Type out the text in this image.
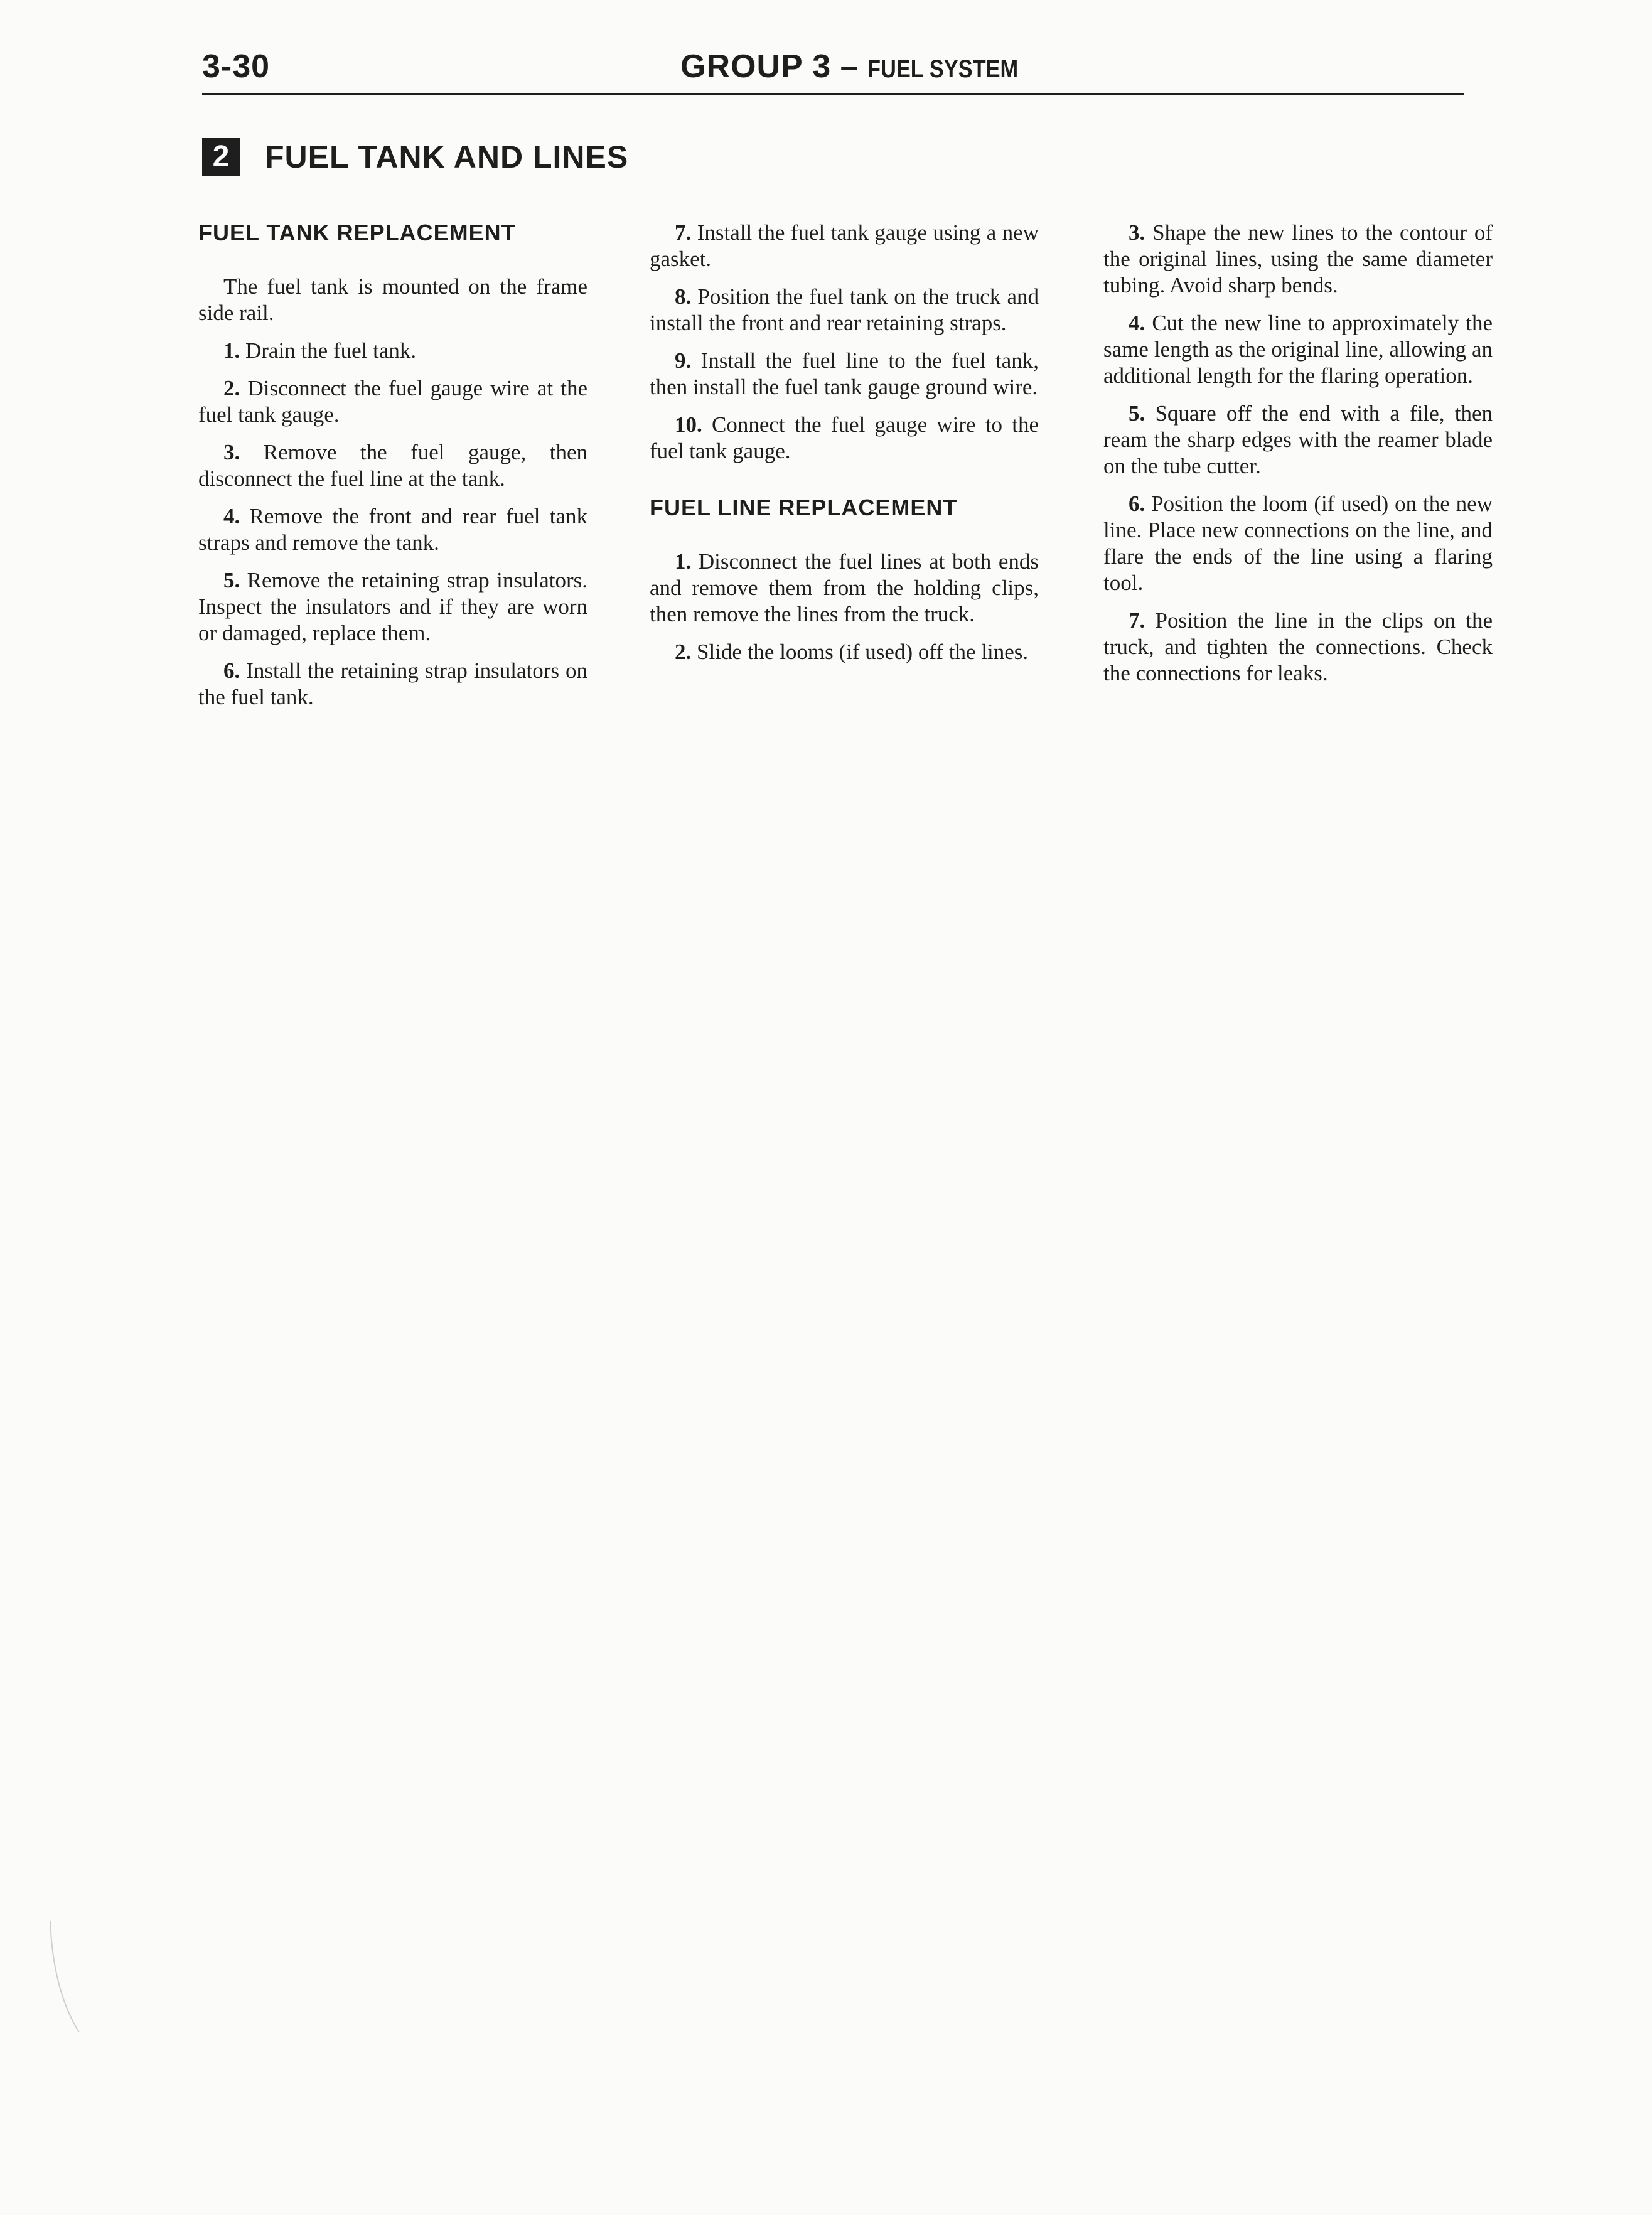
3-30	GROUP 3 – FUEL SYSTEM
2	FUEL TANK AND LINES
FUEL TANK REPLACEMENT

The fuel tank is mounted on the frame side rail.

1. Drain the fuel tank.

2. Disconnect the fuel gauge wire at the fuel tank gauge.

3. Remove the fuel gauge, then disconnect the fuel line at the tank.

4. Remove the front and rear fuel tank straps and remove the tank.

5. Remove the retaining strap insulators. Inspect the insulators and if they are worn or damaged, replace them.

6. Install the retaining strap insulators on the fuel tank.

7. Install the fuel tank gauge using a new gasket.

8. Position the fuel tank on the truck and install the front and rear retaining straps.

9. Install the fuel line to the fuel tank, then install the fuel tank gauge ground wire.

10. Connect the fuel gauge wire to the fuel tank gauge.

FUEL LINE REPLACEMENT

1. Disconnect the fuel lines at both ends and remove them from the holding clips, then remove the lines from the truck.

2. Slide the looms (if used) off the lines.

3. Shape the new lines to the contour of the original lines, using the same diameter tubing. Avoid sharp bends.

4. Cut the new line to approximately the same length as the original line, allowing an additional length for the flaring operation.

5. Square off the end with a file, then ream the sharp edges with the reamer blade on the tube cutter.

6. Position the loom (if used) on the new line. Place new connections on the line, and flare the ends of the line using a flaring tool.

7. Position the line in the clips on the truck, and tighten the connections. Check the connections for leaks.
